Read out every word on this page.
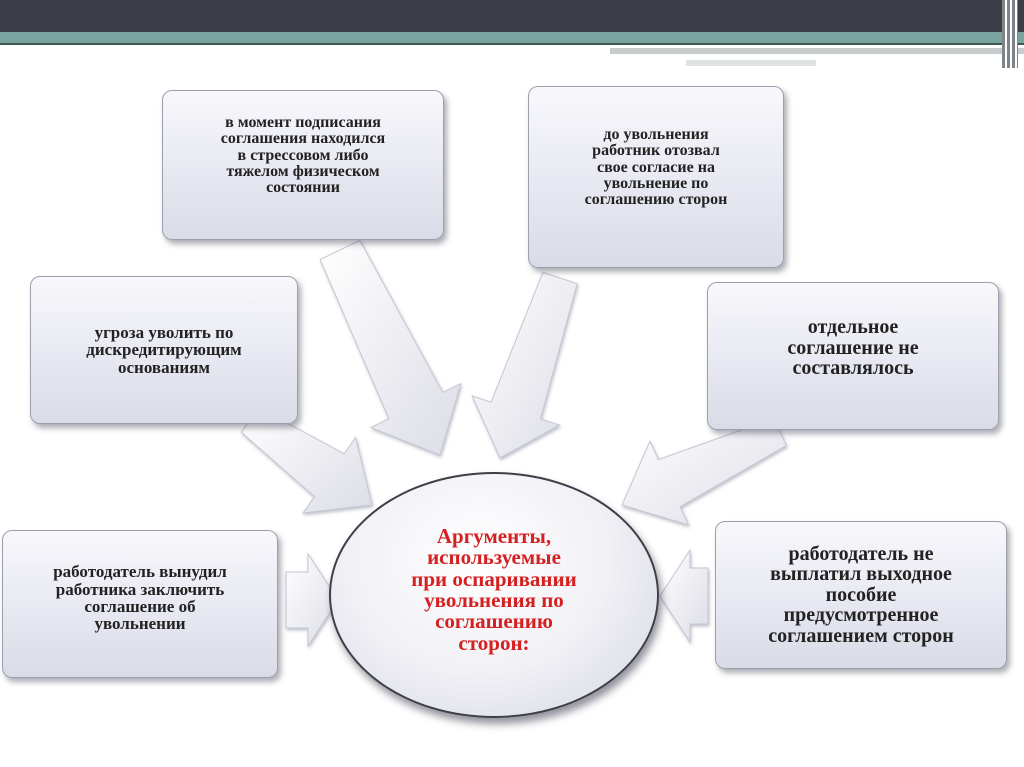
в момент подписания
соглашения находился
в стрессовом либо
тяжелом физическом
состоянии
до увольнения
работник отозвал
свое согласие на
увольнение по
соглашению сторон
угроза уволить по
дискредитирующим
основаниям
отдельное
соглашение не
составлялось
работодатель вынудил
работника заключить
соглашение об
увольнении
работодатель не
выплатил выходное
пособие
предусмотренное
соглашением сторон
Аргументы,
используемые
при оспаривании
увольнения по
соглашению
сторон:
